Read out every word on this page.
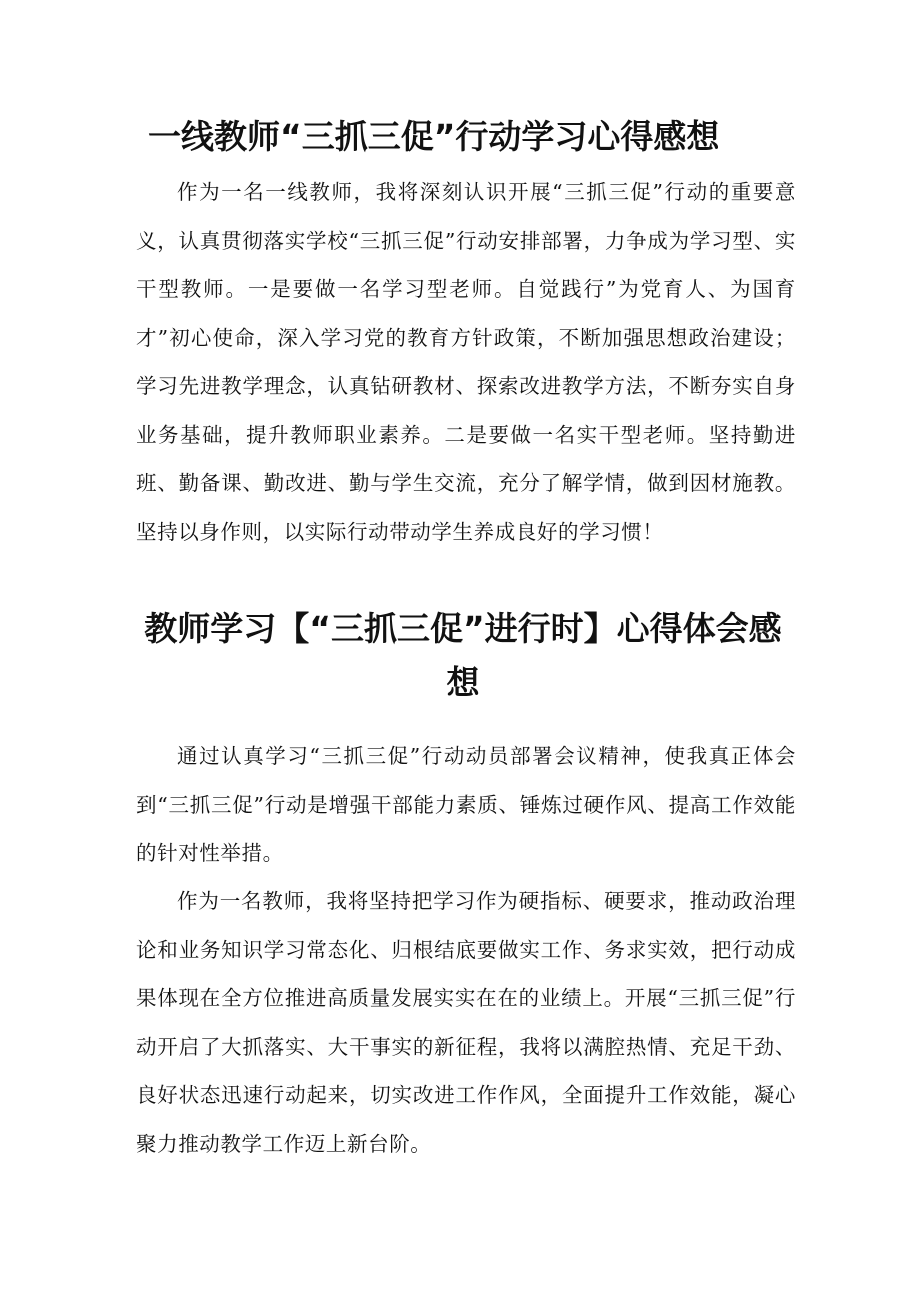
一线教师“三抓三促”行动学习心得感想

作为一名一线教师，我将深刻认识开展“三抓三促”行动的重要意义，认真贯彻落实学校“三抓三促”行动安排部署，力争成为学习型、实干型教师。一是要做一名学习型老师。自觉践行”为党育人、为国育才”初心使命，深入学习党的教育方针政策，不断加强思想政治建设；学习先进教学理念，认真钻研教材、探索改进教学方法，不断夯实自身业务基础，提升教师职业素养。二是要做一名实干型老师。坚持勤进班、勤备课、勤改进、勤与学生交流，充分了解学情，做到因材施教。坚持以身作则，以实际行动带动学生养成良好的学习惯！

教师学习【“三抓三促”进行时】心得体会感想

通过认真学习“三抓三促”行动动员部署会议精神，使我真正体会到“三抓三促”行动是增强干部能力素质、锤炼过硬作风、提高工作效能的针对性举措。

作为一名教师，我将坚持把学习作为硬指标、硬要求，推动政治理论和业务知识学习常态化、归根结底要做实工作、务求实效，把行动成果体现在全方位推进高质量发展实实在在的业绩上。开展“三抓三促”行动开启了大抓落实、大干事实的新征程，我将以满腔热情、充足干劲、良好状态迅速行动起来，切实改进工作作风，全面提升工作效能，凝心聚力推动教学工作迈上新台阶。
